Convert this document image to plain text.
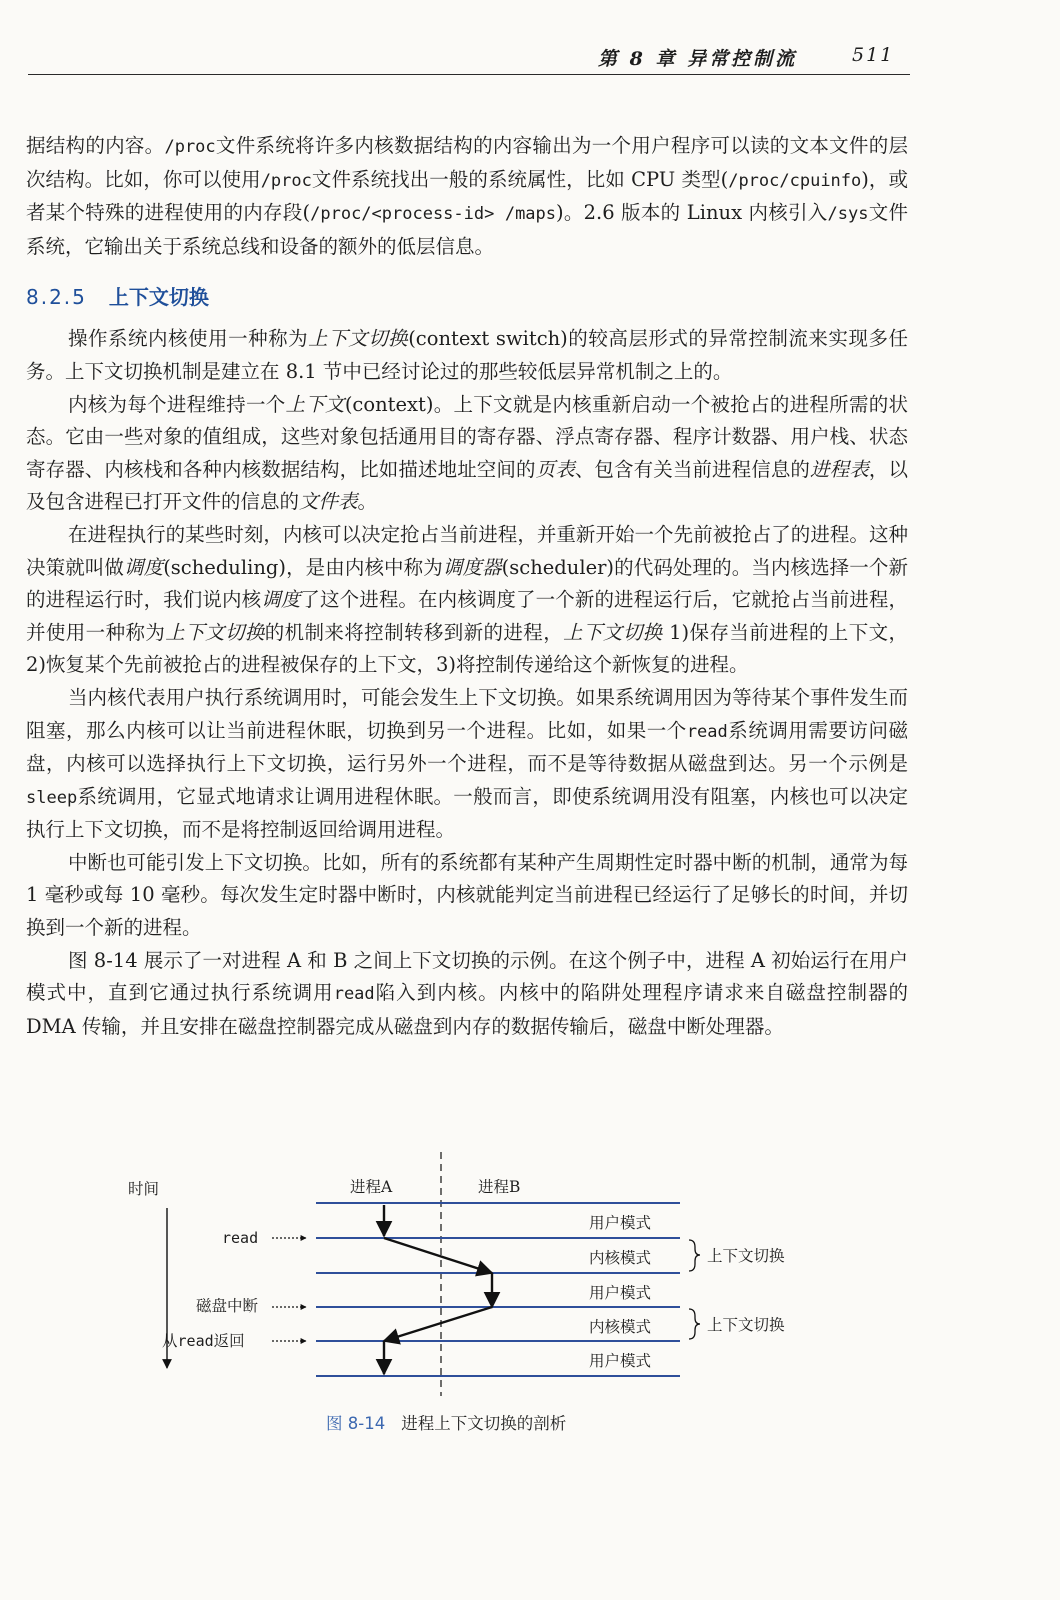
第 8 章 异常控制流	511

据结构的内容。/proc文件系统将许多内核数据结构的内容输出为一个用户程序可以读的文本文件的层次结构。比如，你可以使用/proc文件系统找出一般的系统属性，比如 CPU 类型(/proc/cpuinfo)，或者某个特殊的进程使用的内存段(/proc/<process-id> /maps)。2.6 版本的 Linux 内核引入/sys文件系统，它输出关于系统总线和设备的额外的低层信息。

8.2.5 上下文切换

操作系统内核使用一种称为上下文切换(context switch)的较高层形式的异常控制流来实现多任务。上下文切换机制是建立在 8.1 节中已经讨论过的那些较低层异常机制之上的。

内核为每个进程维持一个上下文(context)。上下文就是内核重新启动一个被抢占的进程所需的状态。它由一些对象的值组成，这些对象包括通用目的寄存器、浮点寄存器、程序计数器、用户栈、状态寄存器、内核栈和各种内核数据结构，比如描述地址空间的页表、包含有关当前进程信息的进程表，以及包含进程已打开文件的信息的文件表。

在进程执行的某些时刻，内核可以决定抢占当前进程，并重新开始一个先前被抢占了的进程。这种决策就叫做调度(scheduling)，是由内核中称为调度器(scheduler)的代码处理的。当内核选择一个新的进程运行时，我们说内核调度了这个进程。在内核调度了一个新的进程运行后，它就抢占当前进程，并使用一种称为上下文切换的机制来将控制转移到新的进程，上下文切换 1)保存当前进程的上下文，2)恢复某个先前被抢占的进程被保存的上下文，3)将控制传递给这个新恢复的进程。

当内核代表用户执行系统调用时，可能会发生上下文切换。如果系统调用因为等待某个事件发生而阻塞，那么内核可以让当前进程休眠，切换到另一个进程。比如，如果一个read系统调用需要访问磁盘，内核可以选择执行上下文切换，运行另外一个进程，而不是等待数据从磁盘到达。另一个示例是sleep系统调用，它显式地请求让调用进程休眠。一般而言，即使系统调用没有阻塞，内核也可以决定执行上下文切换，而不是将控制返回给调用进程。

中断也可能引发上下文切换。比如，所有的系统都有某种产生周期性定时器中断的机制，通常为每 1 毫秒或每 10 毫秒。每次发生定时器中断时，内核就能判定当前进程已经运行了足够长的时间，并切换到一个新的进程。

图 8-14 展示了一对进程 A 和 B 之间上下文切换的示例。在这个例子中，进程 A 初始运行在用户模式中，直到它通过执行系统调用read陷入到内核。内核中的陷阱处理程序请求来自磁盘控制器的 DMA 传输，并且安排在磁盘控制器完成从磁盘到内存的数据传输后，磁盘中断处理器。

时间	进程A	进程B
read
磁盘中断
从read返回
用户模式
内核模式
用户模式
内核模式
用户模式
上下文切换
上下文切换
图 8-14 进程上下文切换的剖析
